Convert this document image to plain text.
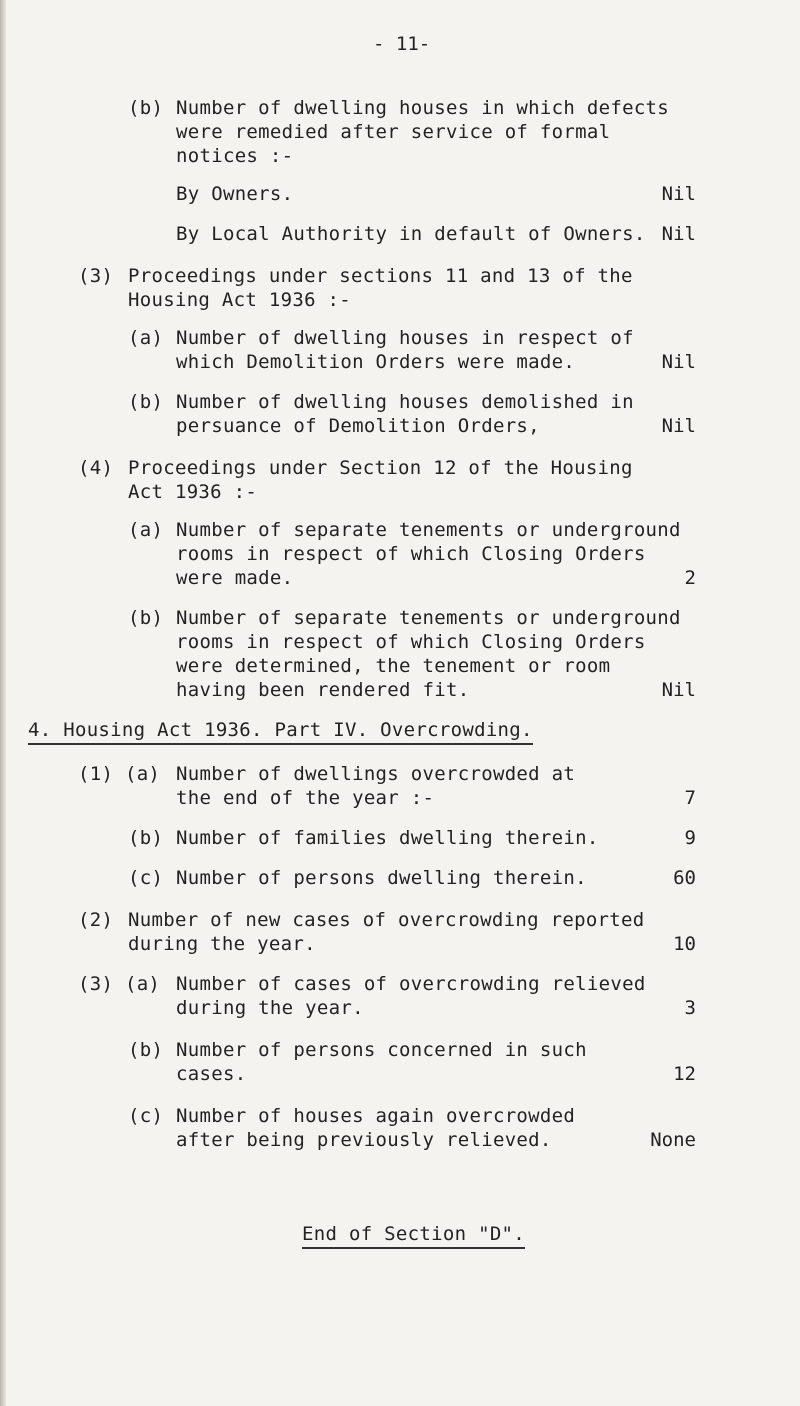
- 11-
(b) Number of dwelling houses in which defects
were remedied after service of formal
notices :-
By Owners.	Nil
By Local Authority in default of Owners. Nil
(3) Proceedings under sections 11 and 13 of the
Housing Act 1936 :-
(a) Number of dwelling houses in respect of
which Demolition Orders were made.	Nil
(b) Number of dwelling houses demolished in
persuance of Demolition Orders,	Nil
(4) Proceedings under Section 12 of the Housing
Act 1936 :-
(a) Number of separate tenements or underground
rooms in respect of which Closing Orders
were made.	2
(b) Number of separate tenements or underground
rooms in respect of which Closing Orders
were determined, the tenement or room
having been rendered fit.	Nil
4. Housing Act 1936. Part IV. Overcrowding.
(1) (a) Number of dwellings overcrowded at
the end of the year :-	7
(b) Number of families dwelling therein.	9
(c) Number of persons dwelling therein.	60
(2) Number of new cases of overcrowding reported
during the year.	10
(3) (a) Number of cases of overcrowding relieved
during the year.	3
(b) Number of persons concerned in such
cases.	12
(c) Number of houses again overcrowded
after being previously relieved.	None
End of Section "D".
